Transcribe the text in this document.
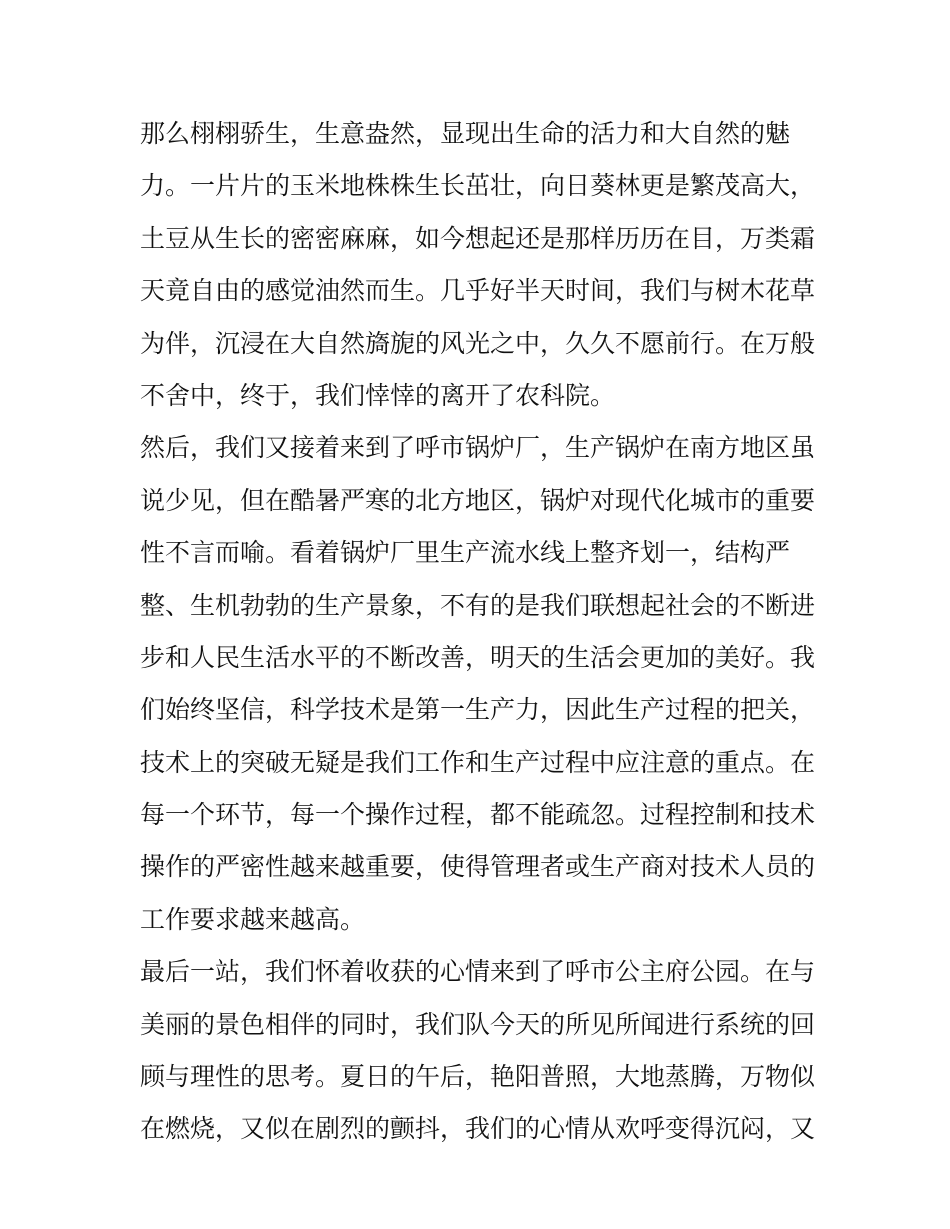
那么栩栩骄生，生意盎然，显现出生命的活力和大自然的魅
力。一片片的玉米地株株生长茁壮，向日葵林更是繁茂高大，
土豆从生长的密密麻麻，如今想起还是那样历历在目，万类霜
天竟自由的感觉油然而生。几乎好半天时间，我们与树木花草
为伴，沉浸在大自然旖旎的风光之中，久久不愿前行。在万般
不舍中，终于，我们悻悻的离开了农科院。
然后，我们又接着来到了呼市锅炉厂，生产锅炉在南方地区虽
说少见，但在酷暑严寒的北方地区，锅炉对现代化城市的重要
性不言而喻。看着锅炉厂里生产流水线上整齐划一，结构严
整、生机勃勃的生产景象，不有的是我们联想起社会的不断进
步和人民生活水平的不断改善，明天的生活会更加的美好。我
们始终坚信，科学技术是第一生产力，因此生产过程的把关，
技术上的突破无疑是我们工作和生产过程中应注意的重点。在
每一个环节，每一个操作过程，都不能疏忽。过程控制和技术
操作的严密性越来越重要，使得管理者或生产商对技术人员的
工作要求越来越高。
最后一站，我们怀着收获的心情来到了呼市公主府公园。在与
美丽的景色相伴的同时，我们队今天的所见所闻进行系统的回
顾与理性的思考。夏日的午后，艳阳普照，大地蒸腾，万物似
在燃烧，又似在剧烈的颤抖，我们的心情从欢呼变得沉闷，又
